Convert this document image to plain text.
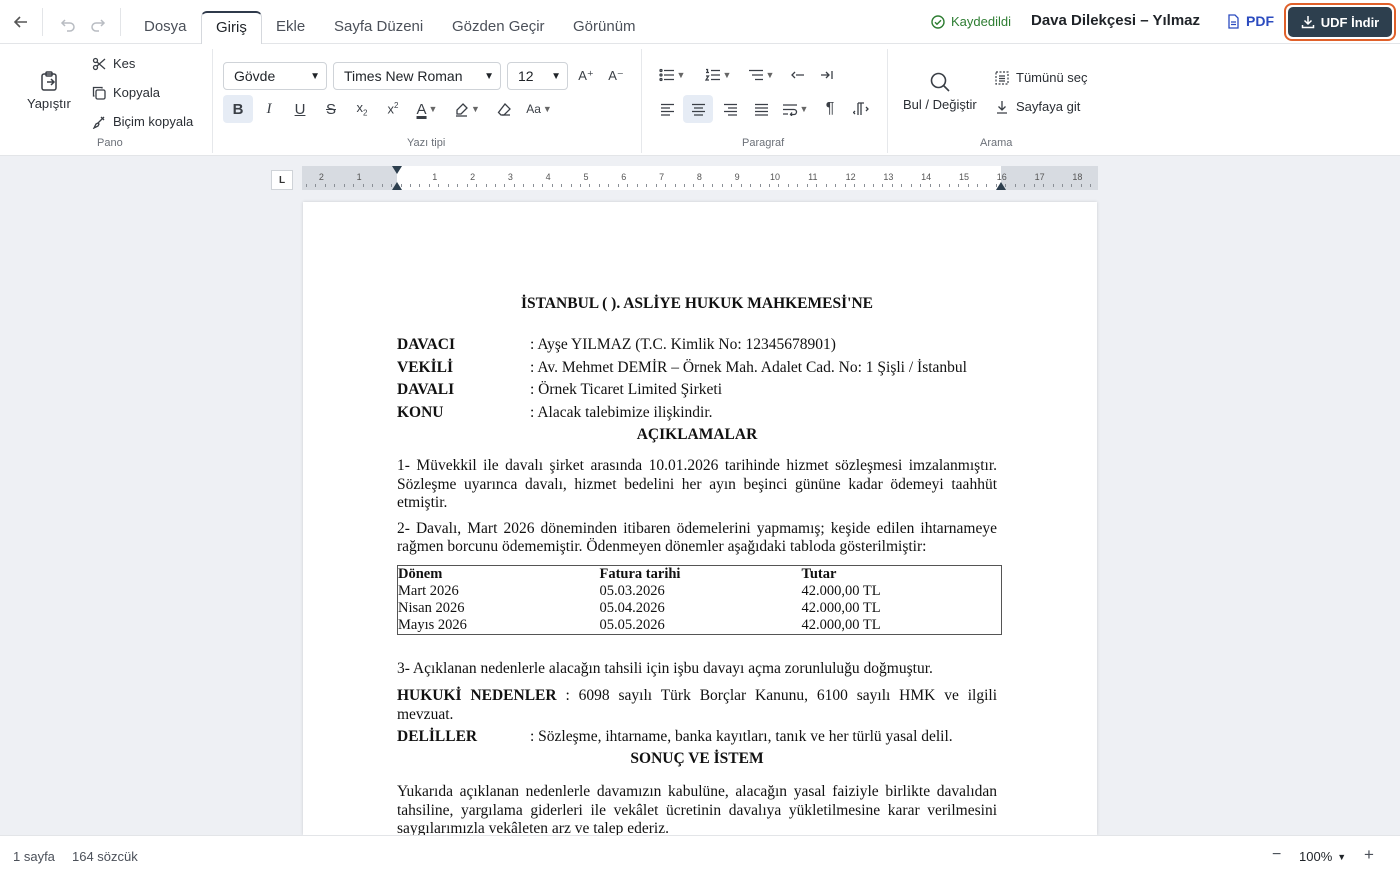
Dosya	Giriş	Ekle	Sayfa Düzeni	Gözden Geçir	Görünüm	Kaydedildi Dava Dilekçesi – Yılmaz	PDF	UDF İndir
Yapıştır
Kes
Kopyala
Biçim kopyala
Pano
Gövde	▼ Times New Roman ▼ 12 ▼	A⁺	A⁻
B I U S $x_2$ $x^2$ A ▼	▼	Aa ▼
Yazı tipi
▼	▼	▼
▼ ¶
Paragraf
Bul / Değiştir
Tümünü seç
Sayfaya git
Arama
L	2	1	1	2	3	4	5	6	7	8	9	10	11	12	13	14	15	16	17	18
İSTANBUL ( ). ASLİYE HUKUK MAHKEMESİ'NE
DAVACI	: Ayşe YILMAZ (T.C. Kimlik No: 12345678901)
VEKİLİ	: Av. Mehmet DEMİR – Örnek Mah. Adalet Cad. No: 1 Şişli / İstanbul
DAVALI	: Örnek Ticaret Limited Şirketi
KONU	: Alacak talebimize ilişkindir.
AÇIKLAMALAR

1- Müvekkil ile davalı şirket arasında 10.01.2026 tarihinde hizmet sözleşmesi imzalanmıştır. Sözleşme uyarınca davalı, hizmet bedelini her ayın beşinci gününe kadar ödemeyi taahhüt etmiştir.

2- Davalı, Mart 2026 döneminden itibaren ödemelerini yapmamış; keşide edilen ihtarnameye rağmen borcunu ödememiştir. Ödenmeyen dönemler aşağıdaki tabloda gösterilmiştir:

Dönem	Fatura tarihi	Tutar
Mart 2026	05.03.2026	42.000,00 TL
Nisan 2026	05.04.2026	42.000,00 TL
Mayıs 2026	05.05.2026	42.000,00 TL

3- Açıklanan nedenlerle alacağın tahsili için işbu davayı açma zorunluluğu doğmuştur.

HUKUKİ NEDENLER : 6098 sayılı Türk Borçlar Kanunu, 6100 sayılı HMK ve ilgili mevzuat.

DELİLLER	: Sözleşme, ihtarname, banka kayıtları, tanık ve her türlü yasal delil.
SONUÇ VE İSTEM

Yukarıda açıklanan nedenlerle davamızın kabulüne, alacağın yasal faiziyle birlikte davalıdan tahsiline, yargılama giderleri ile vekâlet ücretinin davalıya yükletilmesine karar verilmesini saygılarımızla vekâleten arz ve talep ederiz.

1 sayfa 164 sözcük	− 100% ▼ +
